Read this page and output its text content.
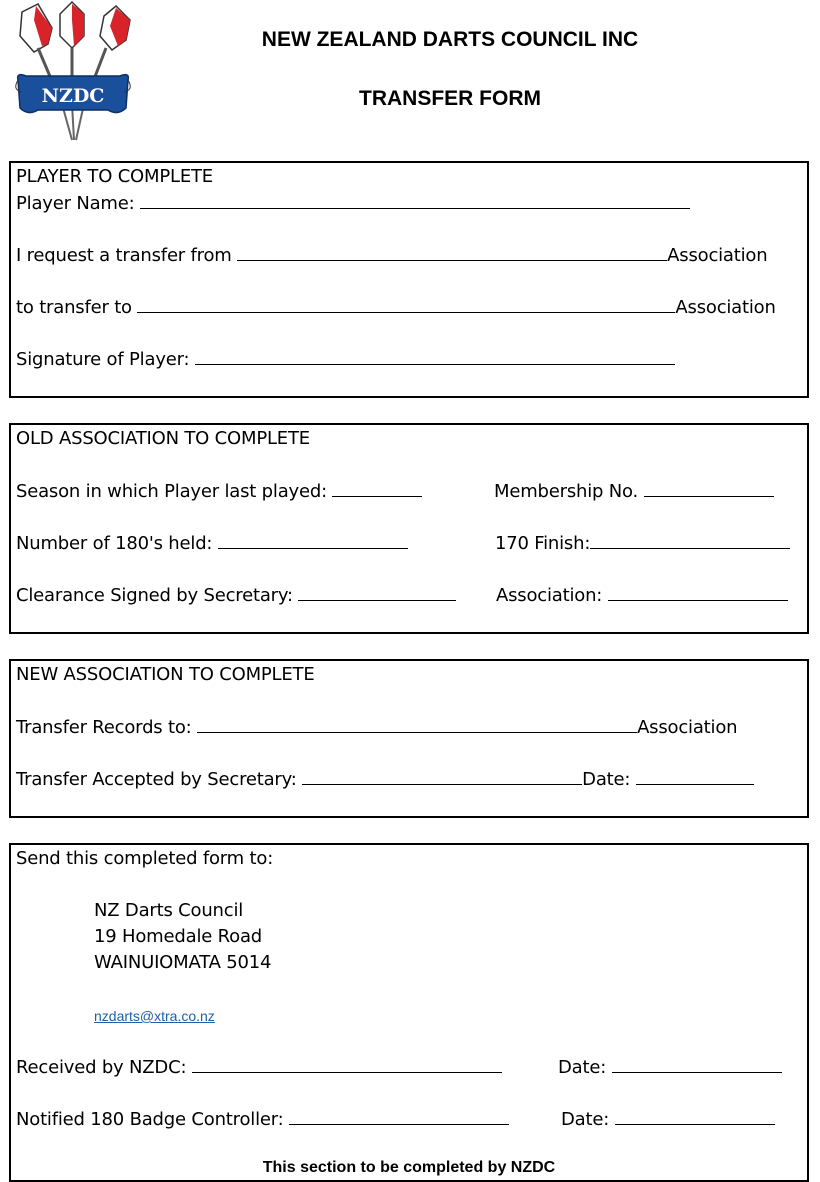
NZDC
NEW ZEALAND DARTS COUNCIL INC
TRANSFER FORM
PLAYER TO COMPLETE
Player Name:
I request a transfer from	Association
to transfer to	Association
Signature of Player:
OLD ASSOCIATION TO COMPLETE
Season in which Player last played:	Membership No.
Number of 180's held:	170 Finish:
Clearance Signed by Secretary:	Association:
NEW ASSOCIATION TO COMPLETE
Transfer Records to:	Association
Transfer Accepted by Secretary:	Date:
Send this completed form to:
NZ Darts Council
19 Homedale Road
WAINUIOMATA 5014
nzdarts@xtra.co.nz
Received by NZDC:	Date:
Notified 180 Badge Controller:	Date:
This section to be completed by NZDC
